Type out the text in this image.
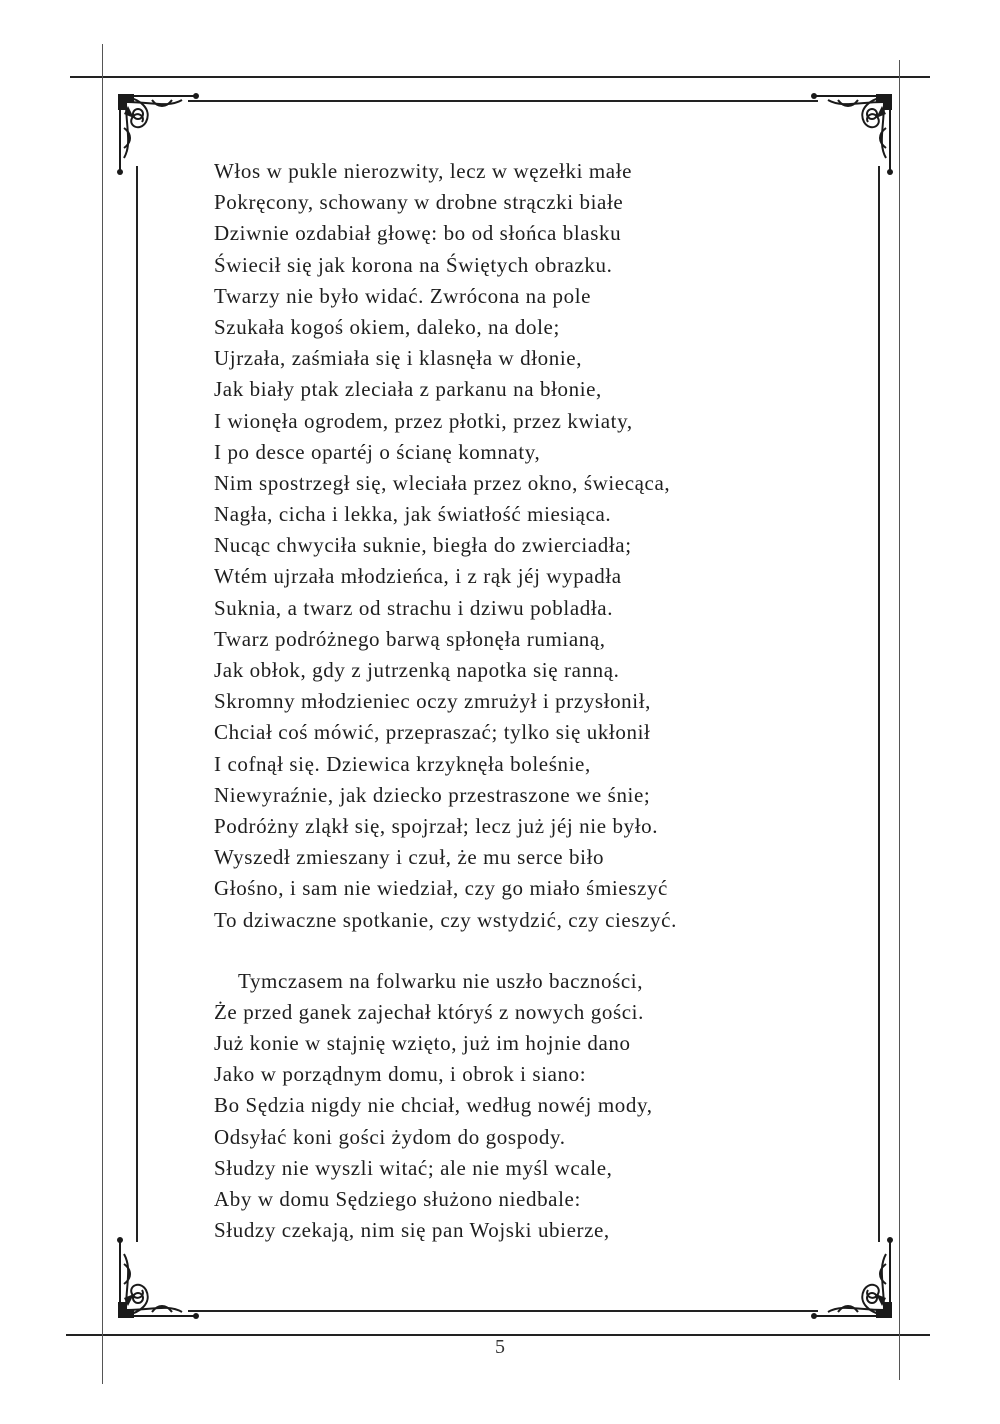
Włos w pukle nierozwity, lecz w węzełki małe
Pokręcony, schowany w drobne strączki białe
Dziwnie ozdabiał głowę: bo od słońca blasku
Świecił się jak korona na Świętych obrazku.
Twarzy nie było widać. Zwrócona na pole
Szukała kogoś okiem, daleko, na dole;
Ujrzała, zaśmiała się i klasnęła w dłonie,
Jak biały ptak zleciała z parkanu na błonie,
I wionęła ogrodem, przez płotki, przez kwiaty,
I po desce opartéj o ścianę komnaty,
Nim spostrzegł się, wleciała przez okno, świecąca,
Nagła, cicha i lekka, jak światłość miesiąca.
Nucąc chwyciła suknie, biegła do zwierciadła;
Wtém ujrzała młodzieńca, i z rąk jéj wypadła
Suknia, a twarz od strachu i dziwu pobladła.
Twarz podróżnego barwą spłonęła rumianą,
Jak obłok, gdy z jutrzenką napotka się ranną.
Skromny młodzieniec oczy zmrużył i przysłonił,
Chciał coś mówić, przepraszać; tylko się ukłonił
I cofnął się. Dziewica krzyknęła boleśnie,
Niewyraźnie, jak dziecko przestraszone we śnie;
Podróżny zląkł się, spojrzał; lecz już jéj nie było.
Wyszedł zmieszany i czuł, że mu serce biło
Głośno, i sam nie wiedział, czy go miało śmieszyć
To dziwaczne spotkanie, czy wstydzić, czy cieszyć.
Tymczasem na folwarku nie uszło baczności,
Że przed ganek zajechał któryś z nowych gości.
Już konie w stajnię wzięto, już im hojnie dano
Jako w porządnym domu, i obrok i siano:
Bo Sędzia nigdy nie chciał, według nowéj mody,
Odsyłać koni gości żydom do gospody.
Słudzy nie wyszli witać; ale nie myśl wcale,
Aby w domu Sędziego służono niedbale:
Słudzy czekają, nim się pan Wojski ubierze,
5
